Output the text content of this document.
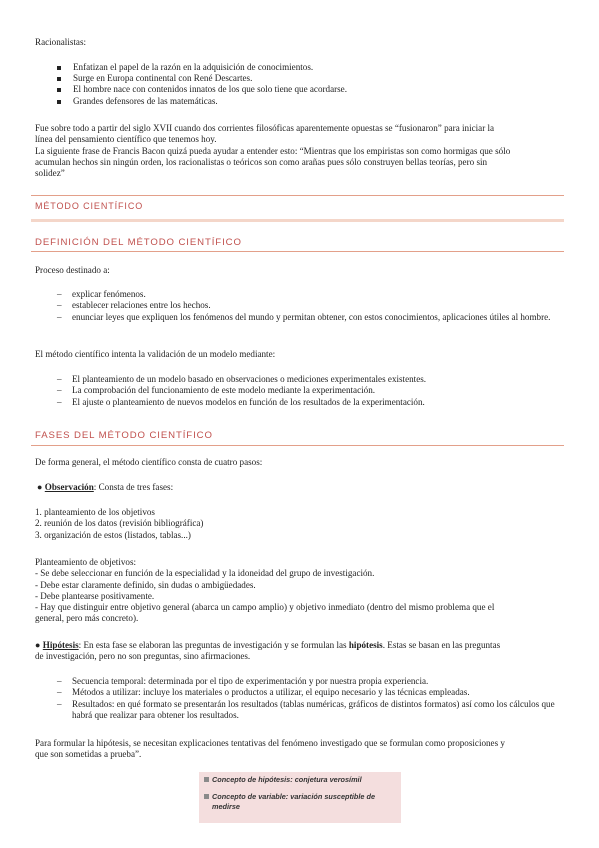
Racionalistas:
Enfatizan el papel de la razón en la adquisición de conocimientos.
Surge en Europa continental con René Descartes.
El hombre nace con contenidos innatos de los que solo tiene que acordarse.
Grandes defensores de las matemáticas.
Fue sobre todo a partir del siglo XVII cuando dos corrientes filosóficas aparentemente opuestas se “fusionaron” para iniciar la
línea del pensamiento científico que tenemos hoy.
La siguiente frase de Francis Bacon quizá pueda ayudar a entender esto: “Mientras que los empiristas son como hormigas que sólo
acumulan hechos sin ningún orden, los racionalistas o teóricos son como arañas pues sólo construyen bellas teorías, pero sin
solidez”
MÉTODO CIENTÍFICO
DEFINICIÓN DEL MÉTODO CIENTÍFICO
Proceso destinado a:
– explicar fenómenos.
– establecer relaciones entre los hechos.
– enunciar leyes que expliquen los fenómenos del mundo y permitan obtener, con estos conocimientos, aplicaciones útiles al hombre.
El método científico intenta la validación de un modelo mediante:
– El planteamiento de un modelo basado en observaciones o mediciones experimentales existentes.
– La comprobación del funcionamiento de este modelo mediante la experimentación.
– El ajuste o planteamiento de nuevos modelos en función de los resultados de la experimentación.
FASES DEL MÉTODO CIENTÍFICO
De forma general, el método científico consta de cuatro pasos:
● Observación: Consta de tres fases:
1. planteamiento de los objetivos
2. reunión de los datos (revisión bibliográfica)
3. organización de estos (listados, tablas...)
Planteamiento de objetivos:
- Se debe seleccionar en función de la especialidad y la idoneidad del grupo de investigación.
- Debe estar claramente definido, sin dudas o ambigüedades.
- Debe plantearse positivamente.
- Hay que distinguir entre objetivo general (abarca un campo amplio) y objetivo inmediato (dentro del mismo problema que el
general, pero más concreto).
● Hipótesis: En esta fase se elaboran las preguntas de investigación y se formulan las hipótesis. Estas se basan en las preguntas
de investigación, pero no son preguntas, sino afirmaciones.
– Secuencia temporal: determinada por el tipo de experimentación y por nuestra propia experiencia.
– Métodos a utilizar: incluye los materiales o productos a utilizar, el equipo necesario y las técnicas empleadas.
– Resultados: en qué formato se presentarán los resultados (tablas numéricas, gráficos de distintos formatos) así como los cálculos que habrá que realizar para obtener los resultados.
Para formular la hipótesis, se necesitan explicaciones tentativas del fenómeno investigado que se formulan como proposiciones y
que son sometidas a prueba”.
Concepto de hipótesis: conjetura verosímil
Concepto de variable: variación susceptible de
medirse
